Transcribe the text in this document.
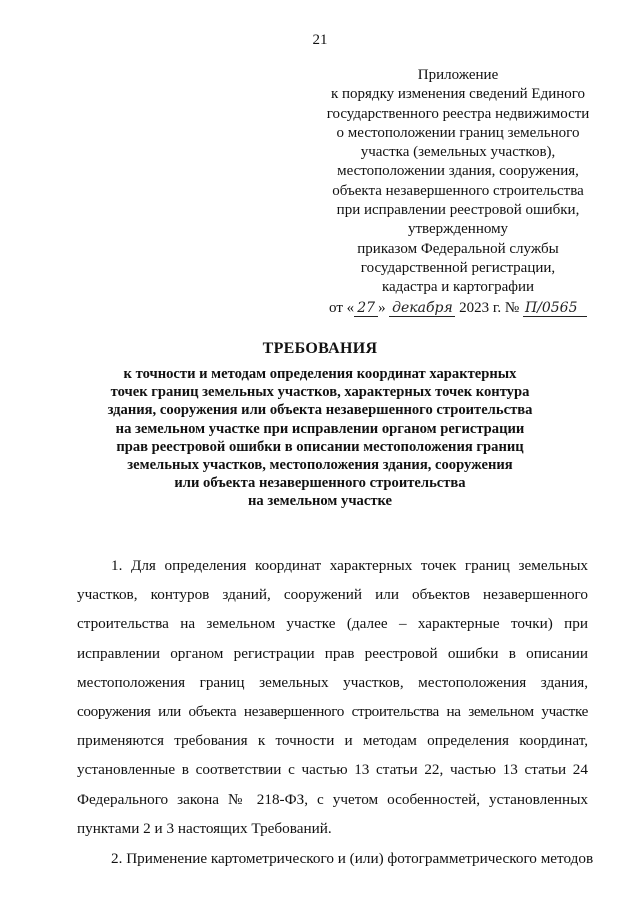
21
Приложение
к порядку изменения сведений Единого
государственного реестра недвижимости
о местоположении границ земельного
участка (земельных участков),
местоположении здания, сооружения,
объекта незавершенного строительства
при исправлении реестровой ошибки,
утвержденному
приказом Федеральной службы
государственной регистрации,
кадастра и картографии
от « 27 » декабря 2023 г. № П/0565
ТРЕБОВАНИЯ
к точности и методам определения координат характерных
точек границ земельных участков, характерных точек контура
здания, сооружения или объекта незавершенного строительства
на земельном участке при исправлении органом регистрации
прав реестровой ошибки в описании местоположения границ
земельных участков, местоположения здания, сооружения
или объекта незавершенного строительства
на земельном участке
1. Для определения координат характерных точек границ земельных
участков, контуров зданий, сооружений или объектов незавершенного
строительства на земельном участке (далее – характерные точки) при
исправлении органом регистрации прав реестровой ошибки в описании
местоположения границ земельных участков, местоположения здания,
сооружения или объекта незавершенного строительства на земельном участке
применяются требования к точности и методам определения координат,
установленные в соответствии с частью 13 статьи 22, частью 13 статьи 24
Федерального закона № 218-ФЗ, с учетом особенностей, установленных
пунктами 2 и 3 настоящих Требований.
2. Применение картометрического и (или) фотограмметрического методов
